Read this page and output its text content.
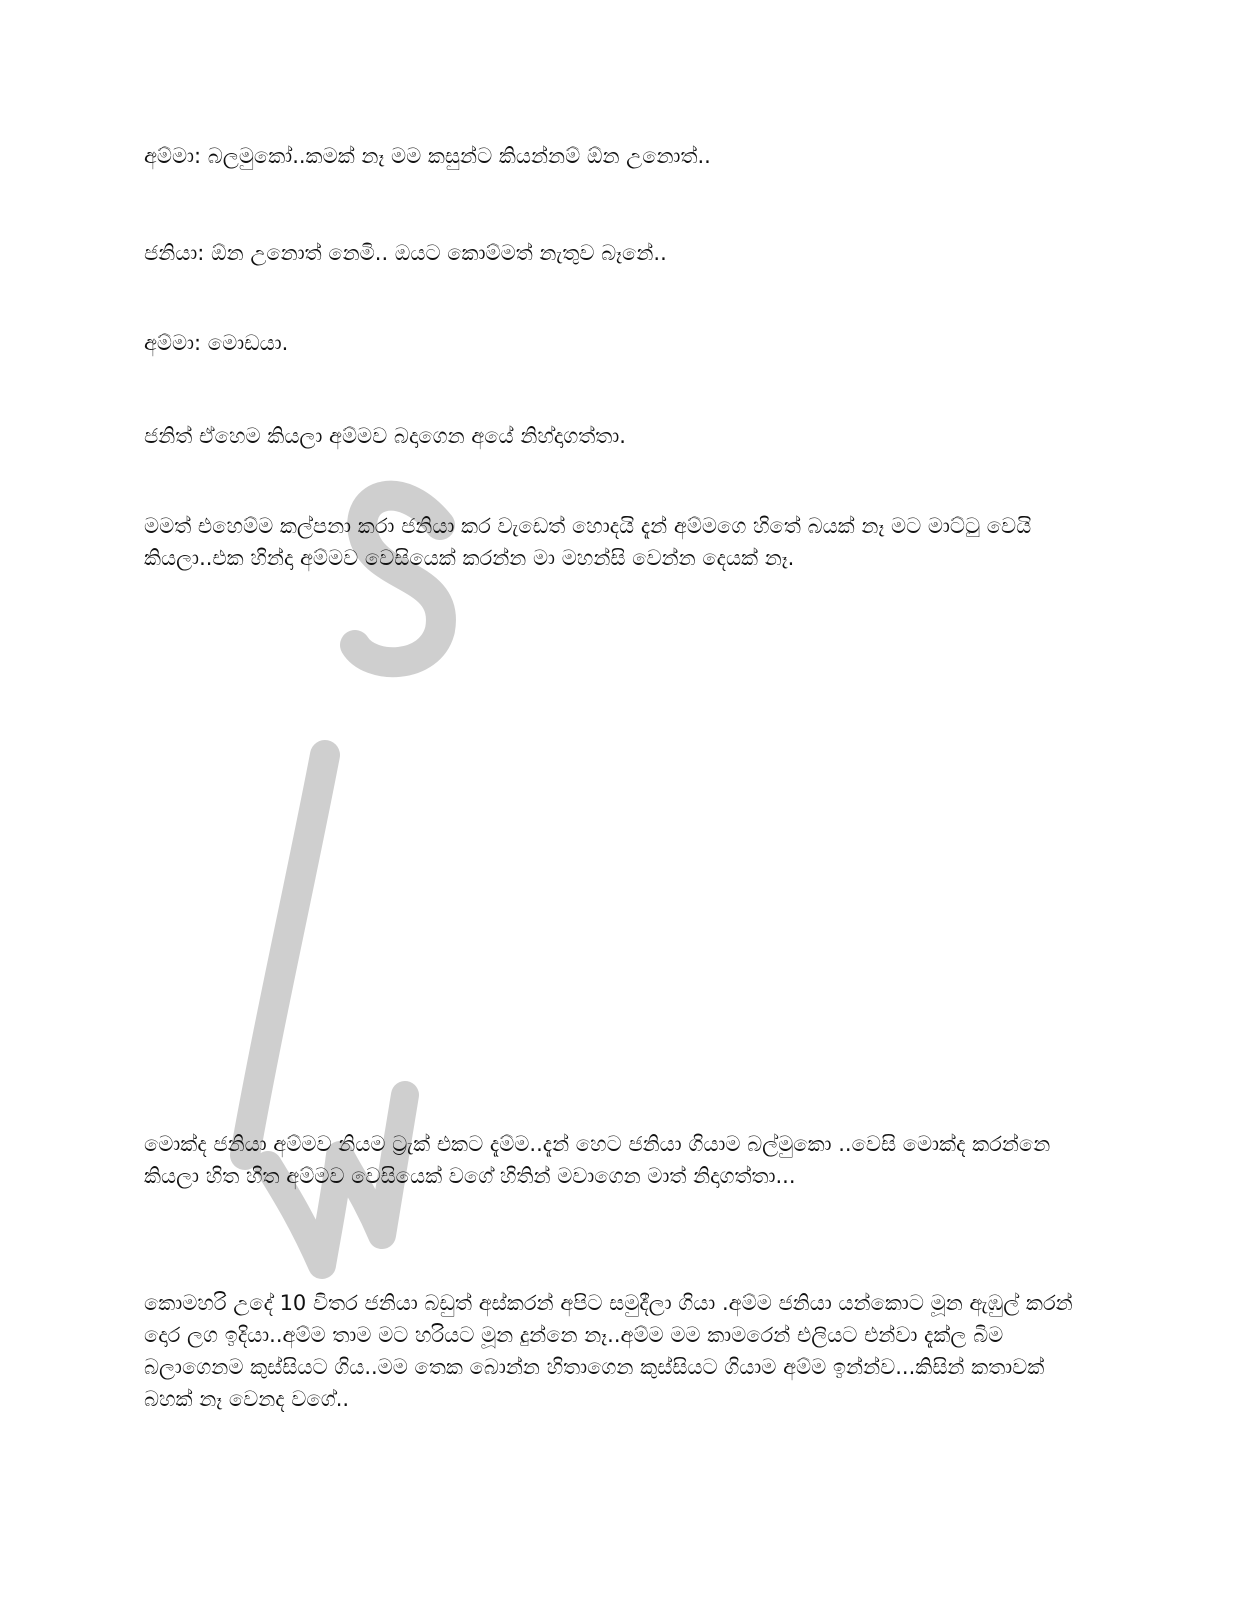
අම්මා: බලමුකෝ..කමක් නෑ මම කසුන්ට කියන්නම් ඕන උනොත්..

ජනියා: ඕන උනොත් නෙමි.. ඔයට කොම්මත් නැතුව බෑනේ..

අම්මා: මොඩයා.

ජනිත් ඒහෙම කියලා අම්මව බදාගෙන අයේ නිහ්දාගත්තා.

මමත් එහෙම්ම කල්පනා කරා ජනියා කර වැඩෙත් හොදයි දැන් අම්මගෙ හිතේ බයක් නෑ මට මාට්ටු වෙයි කියලා..එක හින්දා අම්මව වෙසියෙක් කරන්න මා මහන්සි වෙන්න දෙයක් නෑ.

මොක්ද ජනියා අම්මව නියම ට්‍රැක් එකට දැම්ම..දැන් හෙට ජනියා ගියාම බල්මුකො ..වෙසි මොක්ද කරන්නෙ කියලා හිත හිත අම්මව වෙසියෙක් වගේ හිතින් මවාගෙන මාත් නිදාගත්තා...

කොමහරි උදේ 10 විතර ජනියා බඩුත් අස්කරන් අපිට සමුදීලා ගියා .අම්ම ජනියා යන්කොට මූන ඇඹුල් කරන් දොර ලග ඉදියා..අම්ම තාම මට හරියට මූන දුන්නෙ නෑ..අම්ම මම කාමරෙන් එලියට එන්වා දැක්ල බිම බලාගෙනම කුස්සියට ගිය..මම තෙක බොන්න හිතාගෙන කුස්සියට ගියාම අම්ම ඉන්න්ව...කිසින් කතාවක් බහක් නෑ වෙනද වගේ..
